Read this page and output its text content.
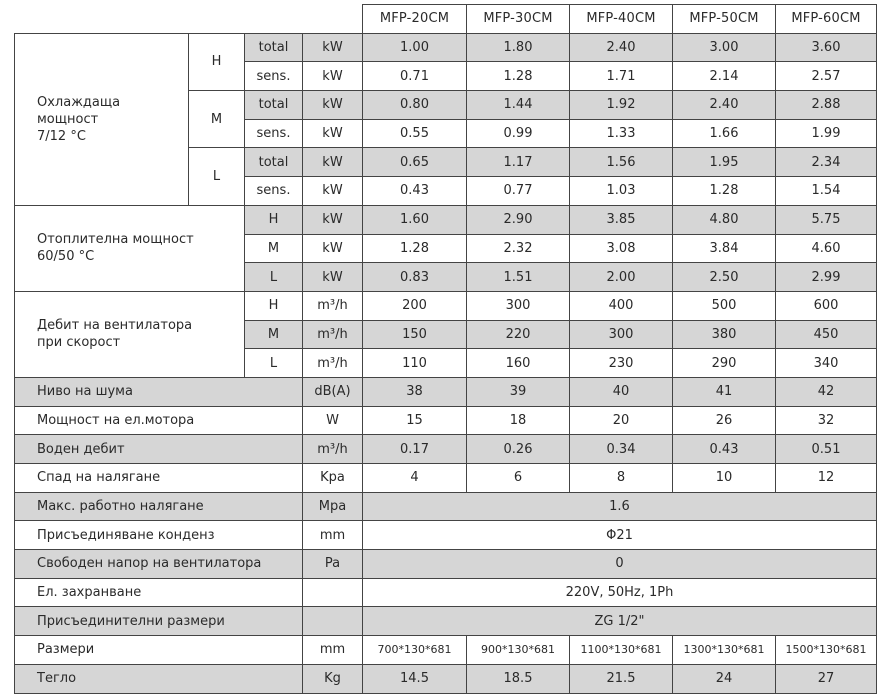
				MFP-20CM	MFP-30CM	MFP-40CM	MFP-50CM	MFP-60CM
Охлаждаща
мощност
7/12 °C	H	total	kW	1.00	1.80	2.40	3.00	3.60
		sens.	kW	0.71	1.28	1.71	2.14	2.57
	M	total	kW	0.80	1.44	1.92	2.40	2.88
		sens.	kW	0.55	0.99	1.33	1.66	1.99
	L	total	kW	0.65	1.17	1.56	1.95	2.34
		sens.	kW	0.43	0.77	1.03	1.28	1.54
Отоплителна мощност
60/50 °C		H	kW	1.60	2.90	3.85	4.80	5.75
		M	kW	1.28	2.32	3.08	3.84	4.60
		L	kW	0.83	1.51	2.00	2.50	2.99
Дебит на вентилатора
при скорост		H	m³/h	200	300	400	500	600
		M	m³/h	150	220	300	380	450
		L	m³/h	110	160	230	290	340
Ниво на шума			dB(A)	38	39	40	41	42
Мощност на ел.мотора			W	15	18	20	26	32
Воден дебит			m³/h	0.17	0.26	0.34	0.43	0.51
Спад на налягане			Kpa	4	6	8	10	12
Макс. работно налягане			Mpa	1.6				
Присъединяване конденз			mm	Φ21				
Свободен напор на вентилатора			Pa	0				
Ел. захранване				220V, 50Hz, 1Ph				
Присъединителни размери				ZG 1/2"				
Размери			mm	700*130*681	900*130*681	1100*130*681	1300*130*681	1500*130*681
Тегло			Kg	14.5	18.5	21.5	24	27
